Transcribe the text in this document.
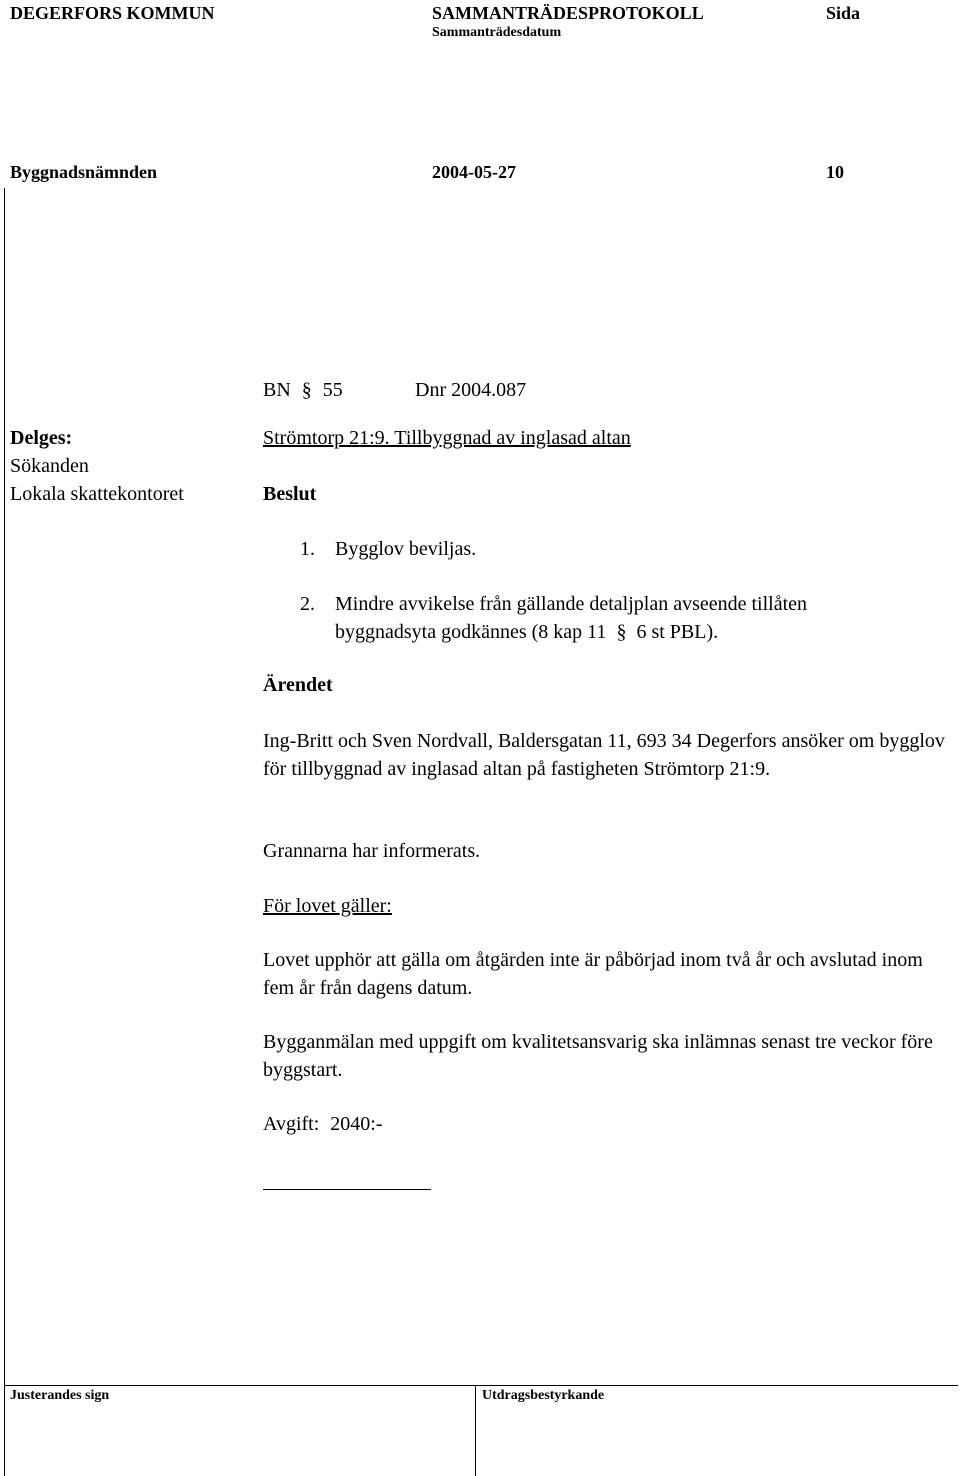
DEGERFORS KOMMUN	SAMMANTRÄDESPROTOKOLL	Sida
Sammanträdesdatum
Byggnadsnämnden	2004-05-27	10
BN § 55	Dnr 2004.087
Strömtorp 21:9. Tillbyggnad av inglasad altan
Delges:
Sökanden
Lokala skattekontoret	Beslut
1. Bygglov beviljas.
2. Mindre avvikelse från gällande detaljplan avseende tillåten
byggnadsyta godkännes (8 kap 11 § 6 st PBL).
Ärendet
Ing-Britt och Sven Nordvall, Baldersgatan 11, 693 34 Degerfors ansöker om bygglov för tillbyggnad av inglasad altan på fastigheten Strömtorp 21:9.
Grannarna har informerats.
För lovet gäller:
Lovet upphör att gälla om åtgärden inte är påbörjad inom två år och avslutad inom fem år från dagens datum.
Bygganmälan med uppgift om kvalitetsansvarig ska inlämnas senast tre veckor före byggstart.
Avgift: 2040:-
Justerandes sign	Utdragsbestyrkande
